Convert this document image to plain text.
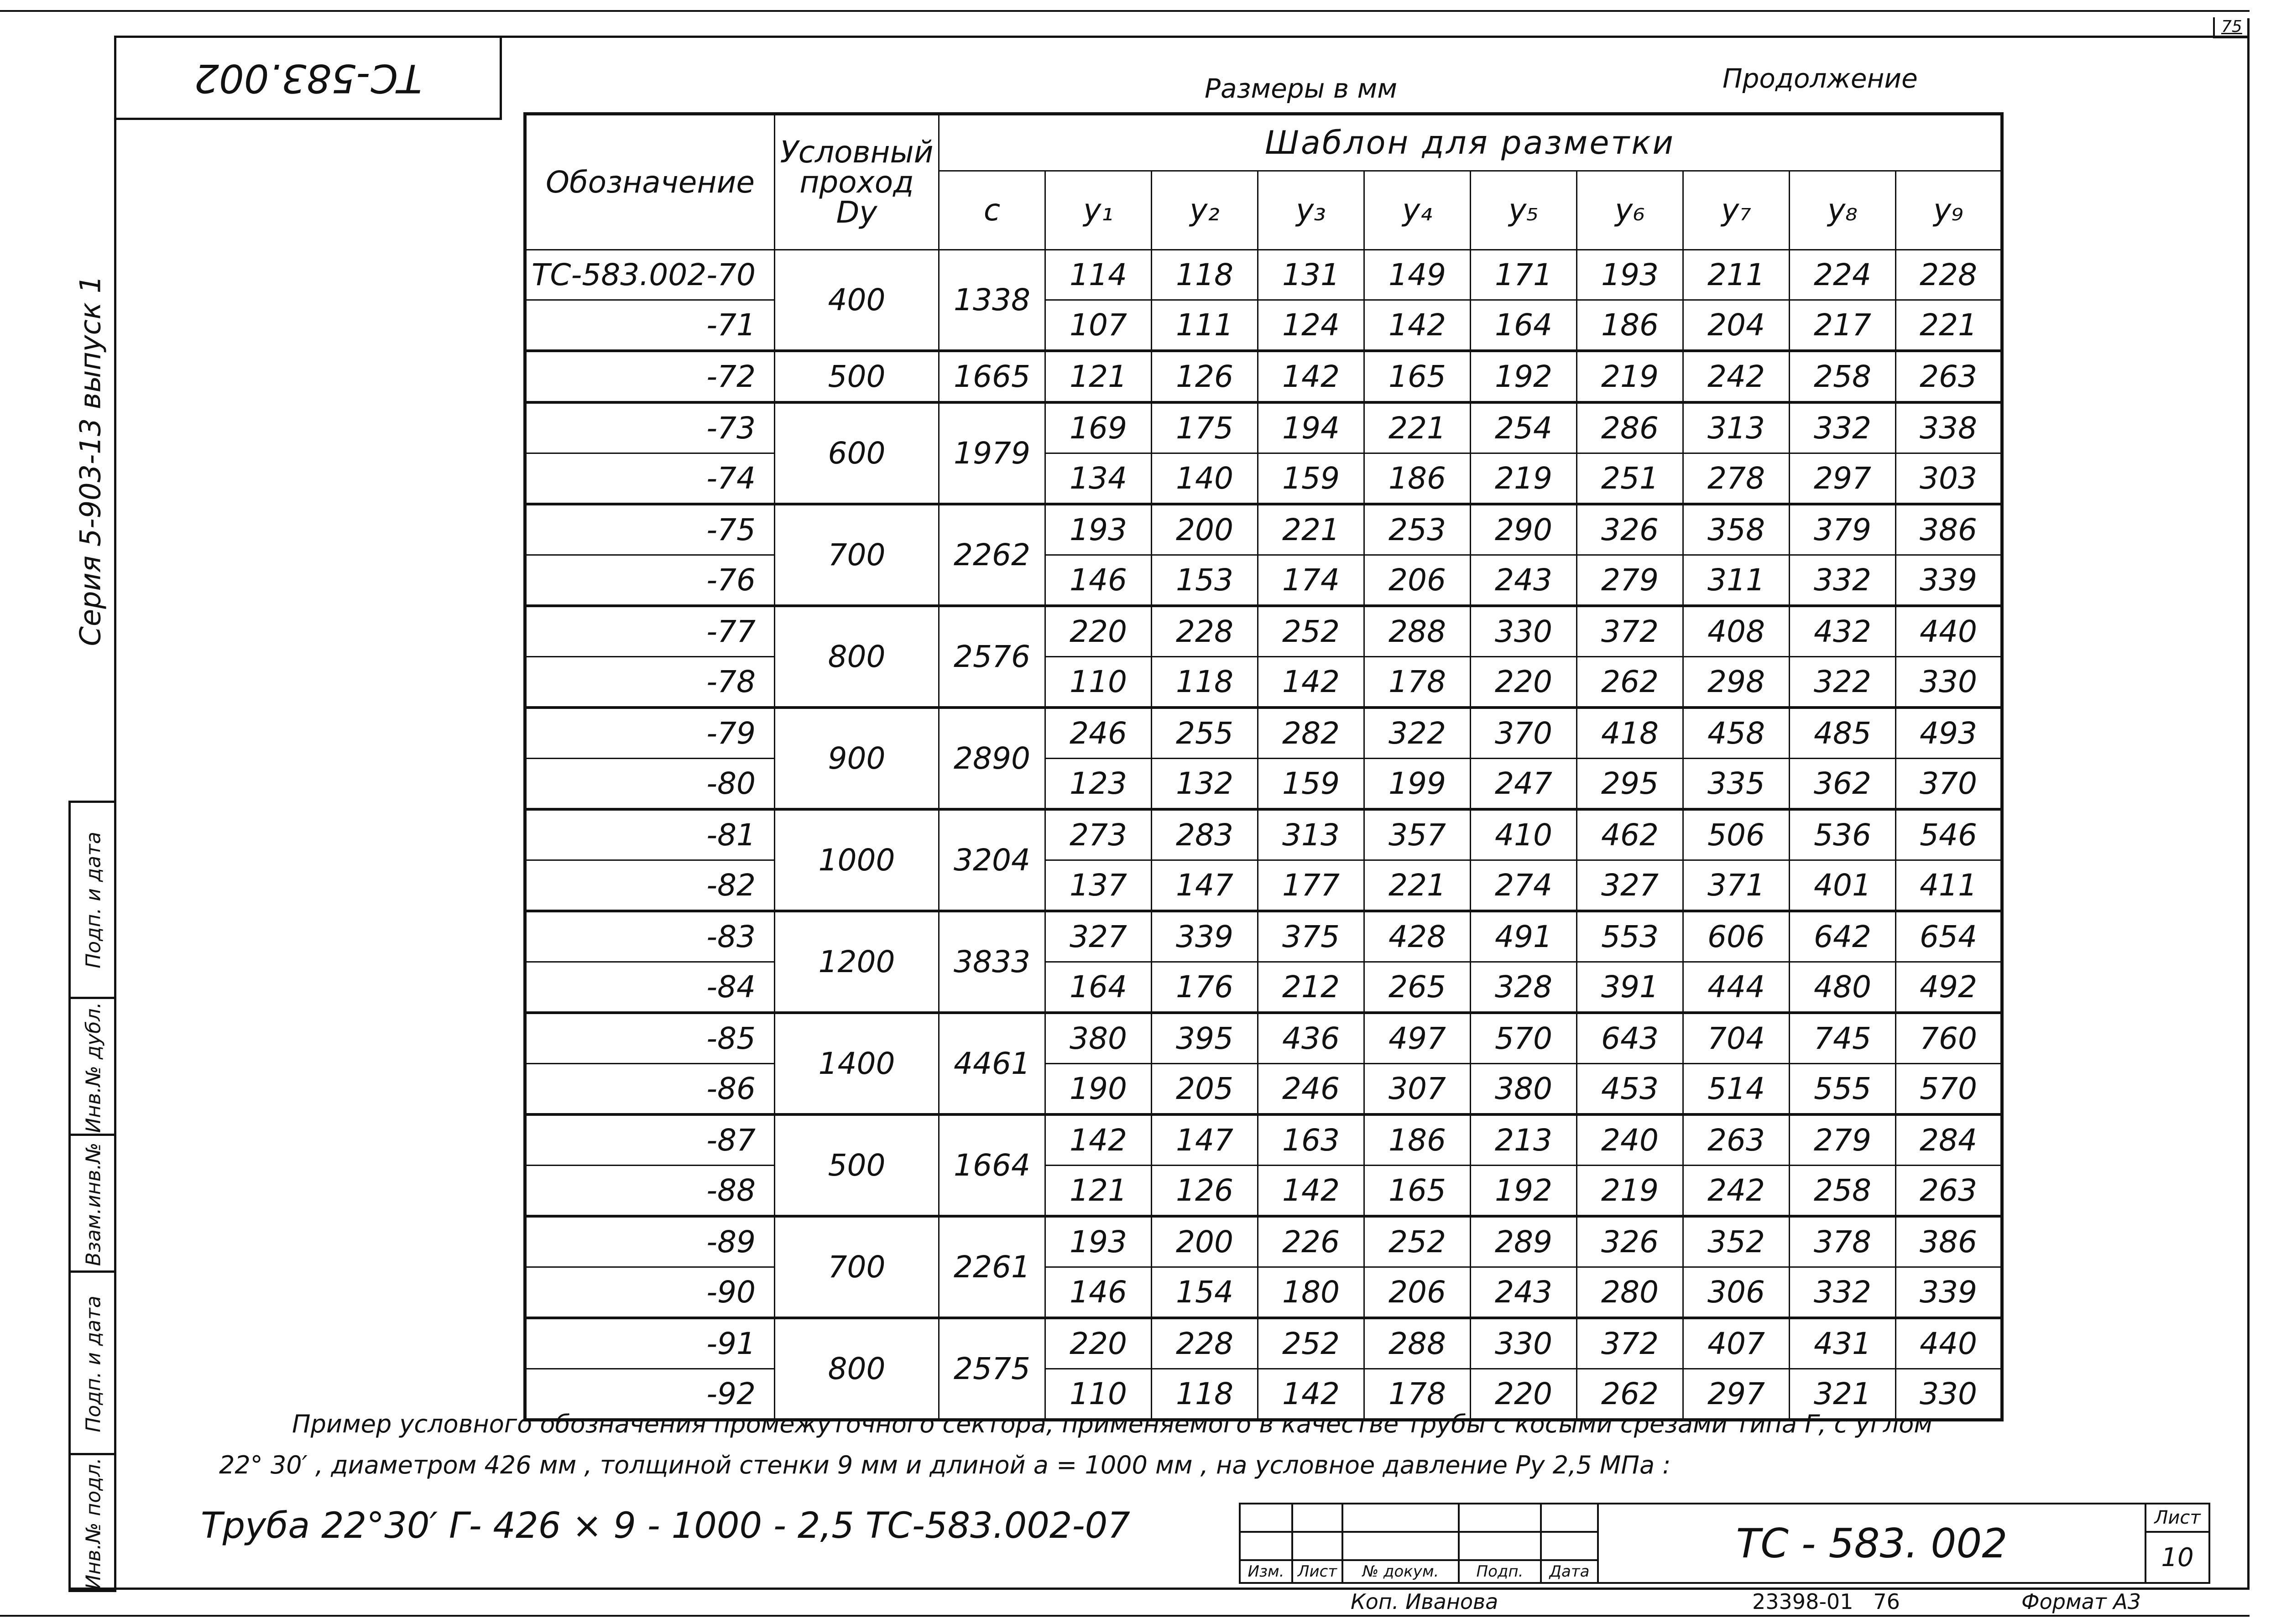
75
ТС-583.002
Серия 5-903-13 выпуск 1
Инв.№ подл.
Подп. и дата
Взам.инв.№
Инв.№ дубл.
Подп. и дата
Размеры в мм	Продолжение
Обозначение	Условный
проход
Dy	Шаблон для разметки									
		c	y₁	y₂	y₃	y₄	y₅	y₆	y₇	y₈	y₉
ТС-583.002-70	400	1338	114	118	131	149	171	193	211	224	228
-71			107	111	124	142	164	186	204	217	221
-72	500	1665	121	126	142	165	192	219	242	258	263
-73	600	1979	169	175	194	221	254	286	313	332	338
-74			134	140	159	186	219	251	278	297	303
-75	700	2262	193	200	221	253	290	326	358	379	386
-76			146	153	174	206	243	279	311	332	339
-77	800	2576	220	228	252	288	330	372	408	432	440
-78			110	118	142	178	220	262	298	322	330
-79	900	2890	246	255	282	322	370	418	458	485	493
-80			123	132	159	199	247	295	335	362	370
-81	1000	3204	273	283	313	357	410	462	506	536	546
-82			137	147	177	221	274	327	371	401	411
-83	1200	3833	327	339	375	428	491	553	606	642	654
-84			164	176	212	265	328	391	444	480	492
-85	1400	4461	380	395	436	497	570	643	704	745	760
-86			190	205	246	307	380	453	514	555	570
-87	500	1664	142	147	163	186	213	240	263	279	284
-88			121	126	142	165	192	219	242	258	263
-89	700	2261	193	200	226	252	289	326	352	378	386
-90			146	154	180	206	243	280	306	332	339
-91	800	2575	220	228	252	288	330	372	407	431	440
-92			110	118	142	178	220	262	297	321	330
Пример условного обозначения промежуточного сектора, применяемого в качестве трубы с косыми срезами типа Г, с углом
22° 30′ , диаметром 426 мм , толщиной стенки 9 мм и длиной a = 1000 мм , на условное давление Pу 2,5 МПа :
Труба 22°30′ Г- 426 × 9 - 1000 - 2,5 ТС-583.002-07
						ТС - 583. 002	Лист
						10
Изм.	Лист	№ докум.	Подп.	Дата		
Коп. Иванова	23398-01   76	Формат А3
